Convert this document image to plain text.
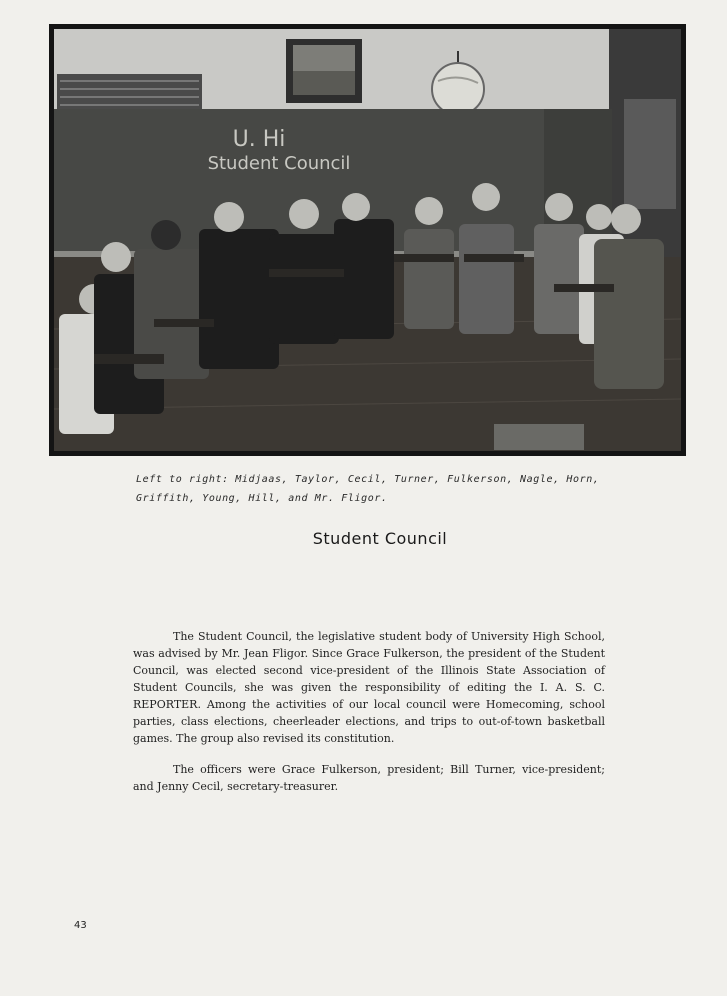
U. Hi
Student Council
Left to right: Midjaas, Taylor, Cecil, Turner, Fulkerson, Nagle, Horn, Griffith, Young, Hill, and Mr. Fligor.
Student Council

The Student Council, the legislative student body of University High School, was advised by Mr. Jean Fligor. Since Grace Fulkerson, the president of the Student Council, was elected second vice-president of the Illinois State Association of Student Councils, she was given the responsibility of editing the I. A. S. C. REPORTER. Among the activities of our local council were Homecoming, school parties, class elections, cheerleader elections, and trips to out-of-town basketball games. The group also revised its constitution.

The officers were Grace Fulkerson, president; Bill Turner, vice-president; and Jenny Cecil, secretary-treasurer.

43
